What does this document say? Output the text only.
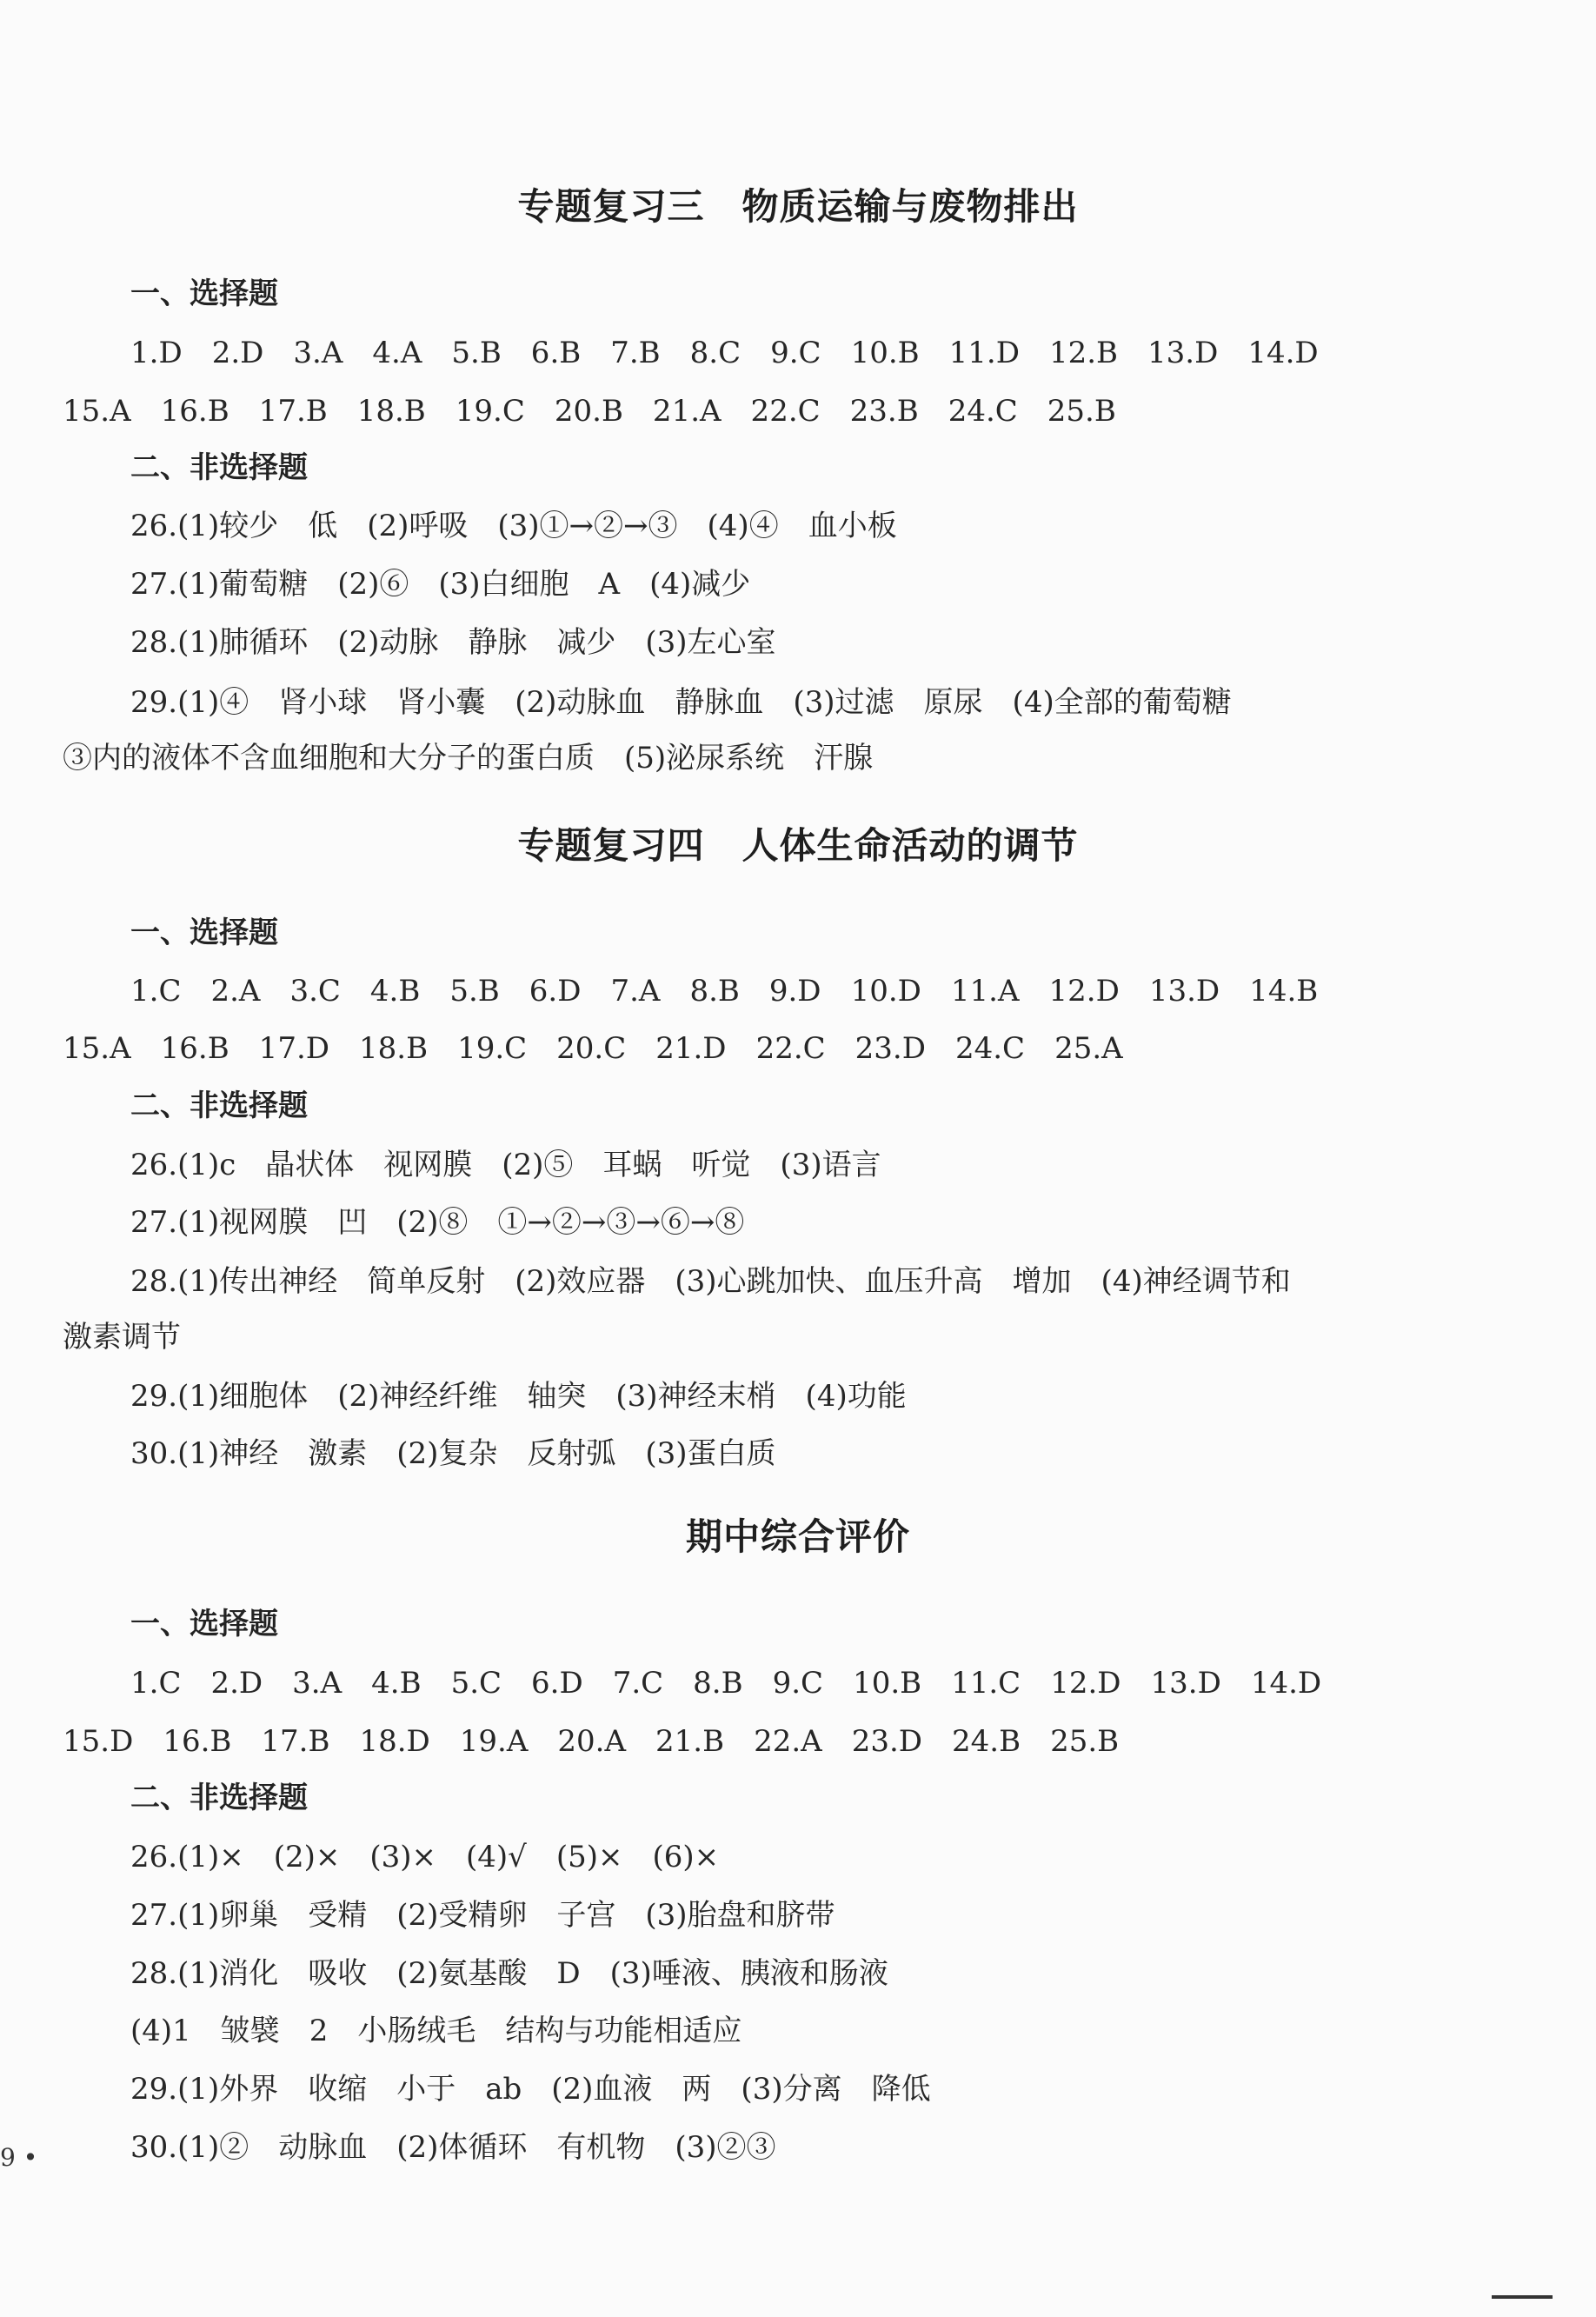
专题复习三　物质运输与废物排出
一、选择题
1.D　2.D　3.A　4.A　5.B　6.B　7.B　8.C　9.C　10.B　11.D　12.B　13.D　14.D
15.A　16.B　17.B　18.B　19.C　20.B　21.A　22.C　23.B　24.C　25.B
二、非选择题
26.(1)较少　低　(2)呼吸　(3)①→②→③　(4)④　血小板
27.(1)葡萄糖　(2)⑥　(3)白细胞　A　(4)减少
28.(1)肺循环　(2)动脉　静脉　减少　(3)左心室
29.(1)④　肾小球　肾小囊　(2)动脉血　静脉血　(3)过滤　原尿　(4)全部的葡萄糖
③内的液体不含血细胞和大分子的蛋白质　(5)泌尿系统　汗腺
专题复习四　人体生命活动的调节
一、选择题
1.C　2.A　3.C　4.B　5.B　6.D　7.A　8.B　9.D　10.D　11.A　12.D　13.D　14.B
15.A　16.B　17.D　18.B　19.C　20.C　21.D　22.C　23.D　24.C　25.A
二、非选择题
26.(1)c　晶状体　视网膜　(2)⑤　耳蜗　听觉　(3)语言
27.(1)视网膜　凹　(2)⑧　①→②→③→⑥→⑧
28.(1)传出神经　简单反射　(2)效应器　(3)心跳加快、血压升高　增加　(4)神经调节和
激素调节
29.(1)细胞体　(2)神经纤维　轴突　(3)神经末梢　(4)功能
30.(1)神经　激素　(2)复杂　反射弧　(3)蛋白质
期中综合评价
一、选择题
1.C　2.D　3.A　4.B　5.C　6.D　7.C　8.B　9.C　10.B　11.C　12.D　13.D　14.D
15.D　16.B　17.B　18.D　19.A　20.A　21.B　22.A　23.D　24.B　25.B
二、非选择题
26.(1)×　(2)×　(3)×　(4)√　(5)×　(6)×
27.(1)卵巢　受精　(2)受精卵　子宫　(3)胎盘和脐带
28.(1)消化　吸收　(2)氨基酸　D　(3)唾液、胰液和肠液
(4)1　皱襞　2　小肠绒毛　结构与功能相适应
29.(1)外界　收缩　小于　ab　(2)血液　两　(3)分离　降低
30.(1)②　动脉血　(2)体循环　有机物　(3)②③
9 •
